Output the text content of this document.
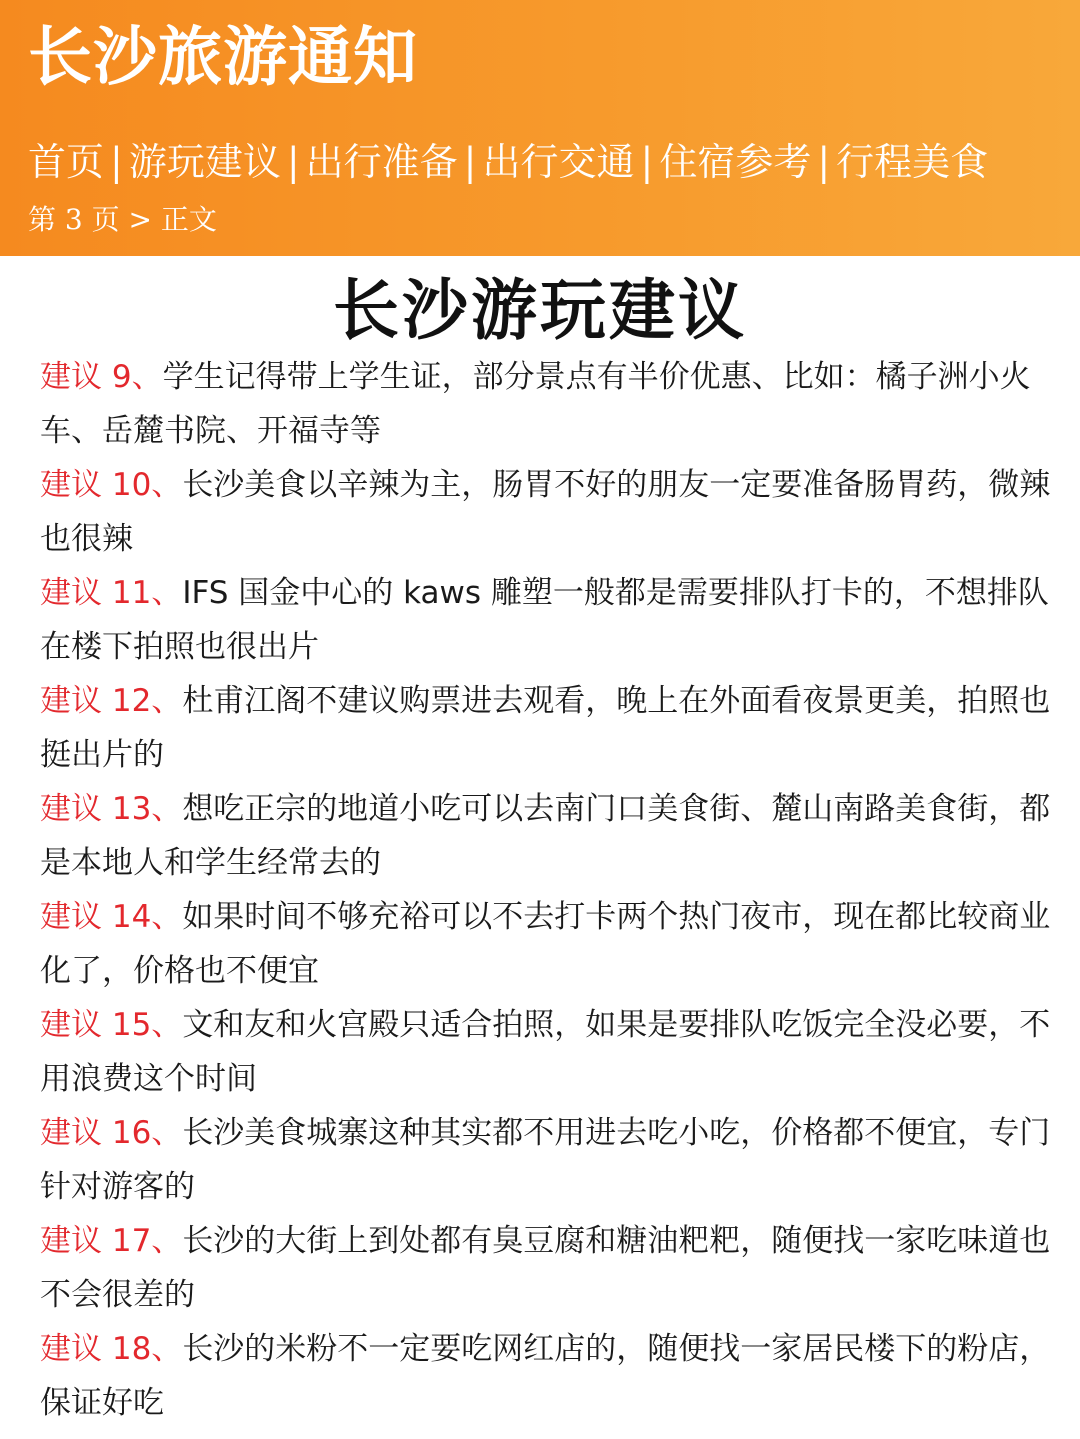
长沙旅游通知
首页 | 游玩建议 | 出行准备 | 出行交通 | 住宿参考 | 行程美食
第 3 页 > 正文
长沙游玩建议
建议 9、学生记得带上学生证，部分景点有半价优惠、比如：橘子洲小火车、岳麓书院、开福寺等
建议 10、长沙美食以辛辣为主，肠胃不好的朋友一定要准备肠胃药，微辣也很辣
建议 11、IFS 国金中心的 kaws 雕塑一般都是需要排队打卡的，不想排队在楼下拍照也很出片
建议 12、杜甫江阁不建议购票进去观看，晚上在外面看夜景更美，拍照也挺出片的
建议 13、想吃正宗的地道小吃可以去南门口美食街、麓山南路美食街，都是本地人和学生经常去的
建议 14、如果时间不够充裕可以不去打卡两个热门夜市，现在都比较商业化了，价格也不便宜
建议 15、文和友和火宫殿只适合拍照，如果是要排队吃饭完全没必要，不用浪费这个时间
建议 16、长沙美食城寨这种其实都不用进去吃小吃，价格都不便宜，专门针对游客的
建议 17、长沙的大街上到处都有臭豆腐和糖油粑粑，随便找一家吃味道也不会很差的
建议 18、长沙的米粉不一定要吃网红店的，随便找一家居民楼下的粉店，保证好吃
